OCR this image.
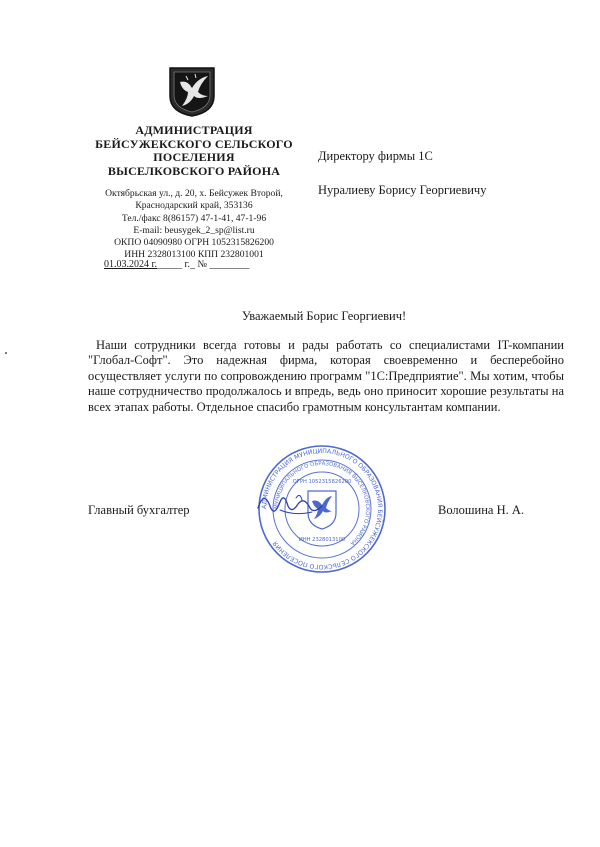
АДМИНИСТРАЦИЯ
БЕЙСУЖЕКСКОГО СЕЛЬСКОГО
ПОСЕЛЕНИЯ
ВЫСЕЛКОВСКОГО РАЙОНА

Октябрьская ул., д. 20, х. Бейсужек Второй,
Краснодарский край, 353136
Тел./факс 8(86157) 47-1-41, 47-1-96
E-mail: beusygek_2_sp@list.ru
ОКПО 04090980 ОГРН 1052315826200
ИНН 2328013100 КПП 232801001
01.03.2024 г._____ г._ № ________
Директору фирмы 1С
Нуралиеву Борису Георгиевичу
Уважаемый Борис Георгиевич!

Наши сотрудники всегда готовы и рады работать со специалистами IT-компании "Глобал-Софт". Это надежная фирма, которая своевременно и бесперебойно осуществляет услуги по сопровождению программ "1С:Предприятие". Мы хотим, чтобы наше сотрудничество продолжалось и впредь, ведь оно приносит хорошие результаты на всех этапах работы. Отдельное спасибо грамотным консультантам компании.

АДМИНИСТРАЦИЯ МУНИЦИПАЛЬНОГО ОБРАЗОВАНИЯ БЕЙСУЖЕКСКОГО СЕЛЬСКОГО ПОСЕЛЕНИЯ
МУНИЦИПАЛЬНОГО ОБРАЗОВАНИЯ ВЫСЕЛКОВСКОГО РАЙОНА
ОГРН 1052315826200
ИНН 2328013100
Главный бухгалтер	Волошина Н. А.
